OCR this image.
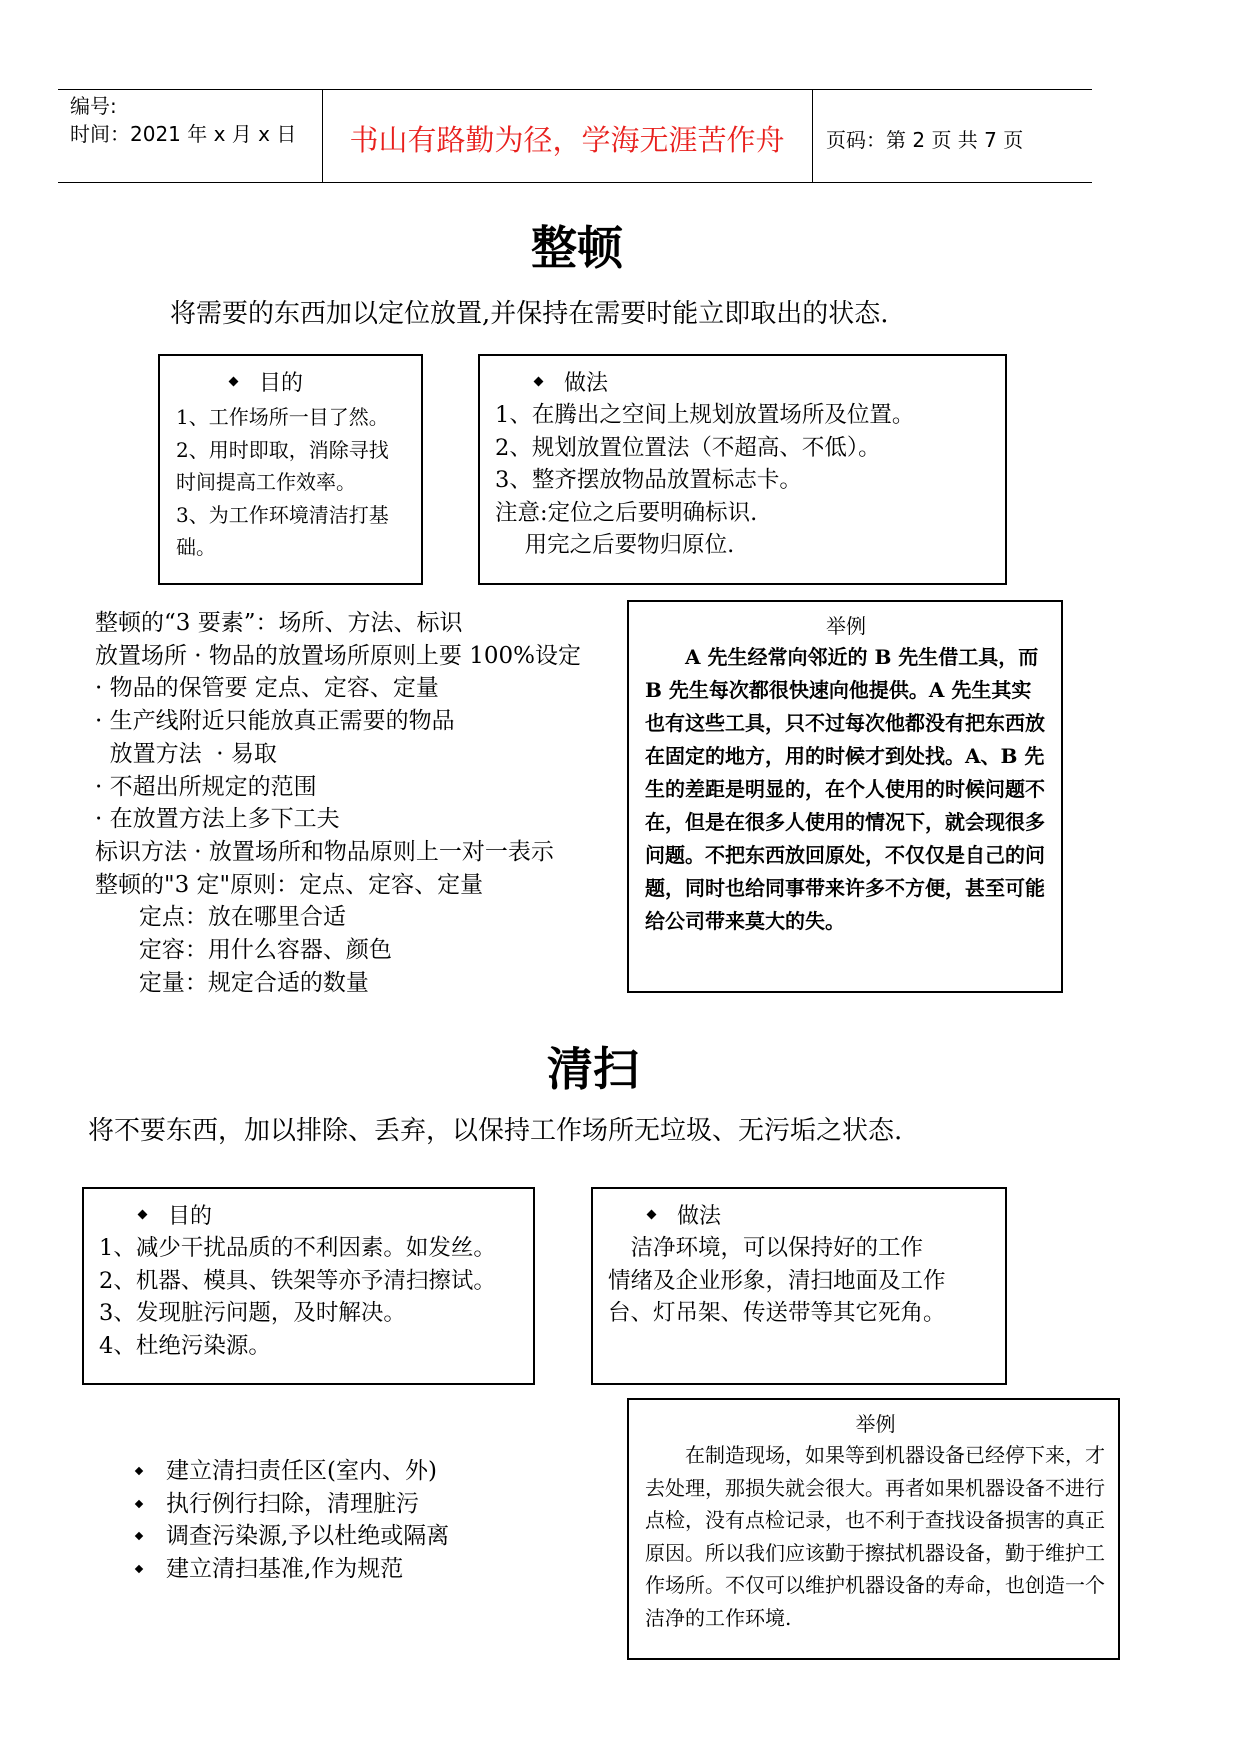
编号:
时间：2021 年 x 月 x 日	书山有路勤为径，学海无涯苦作舟	页码：第 2 页 共 7 页
整顿
将需要的东西加以定位放置,并保持在需要时能立即取出的状态.
目的
1、工作场所一目了然。
2、用时即取，消除寻找
时间提高工作效率。
3、为工作环境清洁打基
础。
做法
1、在腾出之空间上规划放置场所及位置。
2、规划放置位置法（不超高、不低）。
3、整齐摆放物品放置标志卡。
注意:定位之后要明确标识.
　 用完之后要物归原位.
整顿的“3 要素”：场所、方法、标识
放置场所 · 物品的放置场所原则上要 100%设定
· 物品的保管要 定点、定容、定量
· 生产线附近只能放真正需要的物品
放置方法  · 易取
· 不超出所规定的范围
· 在放置方法上多下工夫
标识方法 · 放置场所和物品原则上一对一表示
整顿的"3 定"原则：定点、定容、定量
定点：放在哪里合适
定容：用什么容器、颜色
定量：规定合适的数量
举例
A 先生经常向邻近的 B 先生借工具，而 B 先生每次都很快速向他提供。A 先生其实也有这些工具，只不过每次他都没有把东西放在固定的地方，用的时候才到处找。A、B 先生的差距是明显的，在个人使用的时候问题不在，但是在很多人使用的情况下，就会现很多问题。不把东西放回原处，不仅仅是自己的问题，同时也给同事带来许多不方便，甚至可能给公司带来莫大的失。
清扫
将不要东西，加以排除、丢弃，以保持工作场所无垃圾、无污垢之状态.
目的
1、减少干扰品质的不利因素。如发丝。
2、机器、模具、铁架等亦予清扫擦试。
3、发现脏污问题，及时解决。
4、杜绝污染源。
做法
　洁净环境，可以保持好的工作
情绪及企业形象，清扫地面及工作
台、灯吊架、传送带等其它死角。
建立清扫责任区(室内、外)
执行例行扫除，清理脏污
调查污染源,予以杜绝或隔离
建立清扫基准,作为规范
举例
在制造现场，如果等到机器设备已经停下来，才去处理，那损失就会很大。再者如果机器设备不进行点检，没有点检记录，也不利于查找设备损害的真正原因。所以我们应该勤于擦拭机器设备，勤于维护工作场所。不仅可以维护机器设备的寿命，也创造一个洁净的工作环境.
